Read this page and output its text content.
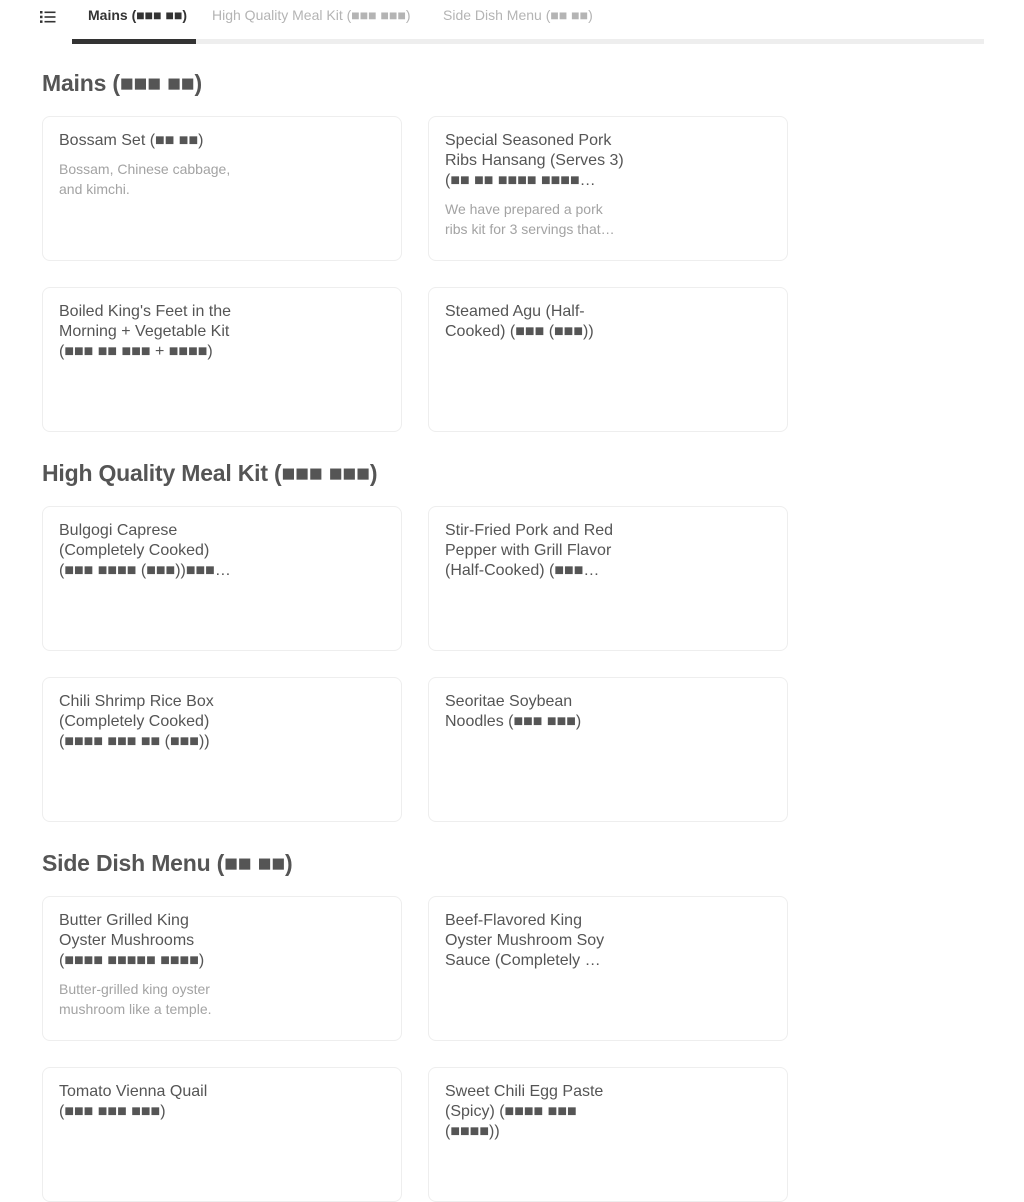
Mains (■■■ ■■)	High Quality Meal Kit (■■■ ■■■)	Side Dish Menu (■■ ■■)
Mains (■■■ ■■)
Bossam Set (■■ ■■)
Bossam, Chinese cabbage, and kimchi.
Special Seasoned Pork Ribs Hansang (Serves 3) (■■ ■■ ■■■■ ■■■■
We have prepared a pork ribs kit for 3 servings that…
Boiled King's Feet in the Morning + Vegetable Kit (■■■ ■■ ■■■ + ■■■■)
Steamed Agu (Half-Cooked) (■■■ (■■■))
High Quality Meal Kit (■■■ ■■■)
Bulgogi Caprese (Completely Cooked) (■■■ ■■■■ (■■■))■■■
Stir-Fried Pork and Red Pepper with Grill Flavor (Half-Cooked) (■■■
Chili Shrimp Rice Box (Completely Cooked) (■■■■ ■■■ ■■ (■■■))
Seoritae Soybean Noodles (■■■ ■■■)
Side Dish Menu (■■ ■■)
Butter Grilled King Oyster Mushrooms (■■■■ ■■■■■ ■■■■)
Butter-grilled king oyster mushroom like a temple.
Beef-Flavored King Oyster Mushroom Soy Sauce (Completely …
Tomato Vienna Quail (■■■ ■■■ ■■■)
Sweet Chili Egg Paste (Spicy) (■■■■ ■■■ (■■■■))
